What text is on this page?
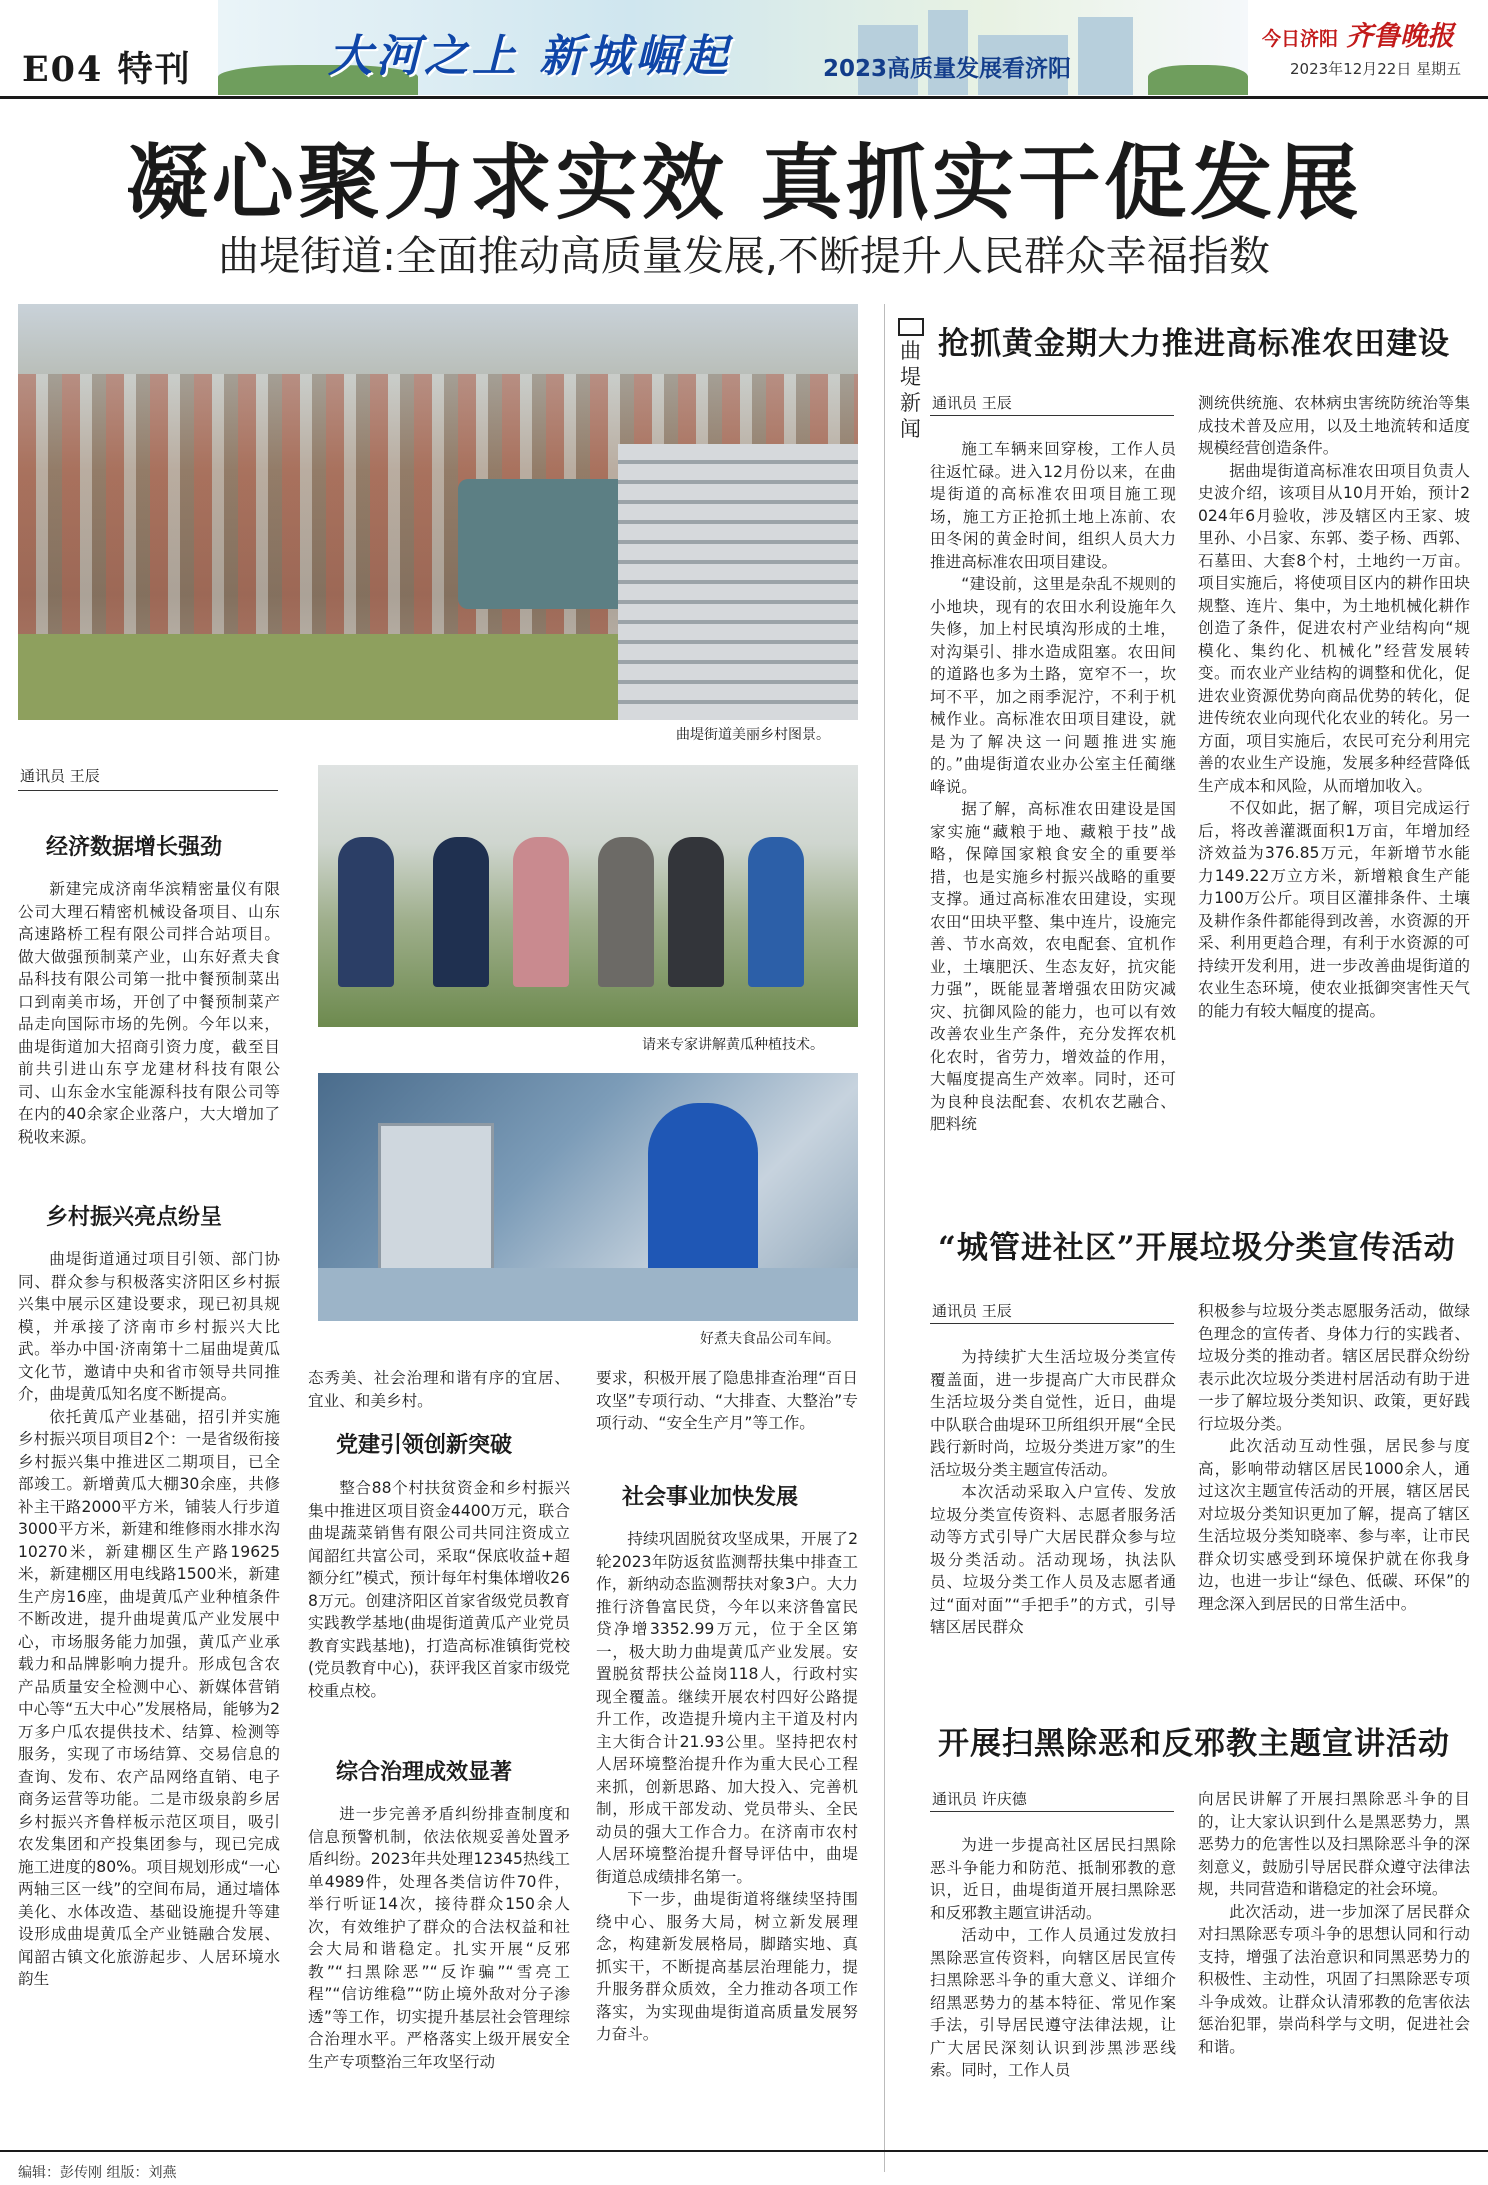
E04 特刊	大河之上 新城崛起	2023高质量发展看济阳
今日济阳 齐鲁晚报
2023年12月22日 星期五
凝心聚力求实效 真抓实干促发展
曲堤街道:全面推动高质量发展,不断提升人民群众幸福指数
曲堤街道美丽乡村图景。
请来专家讲解黄瓜种植技术。
好煮夫食品公司车间。
通讯员 王辰
经济数据增长强劲

新建完成济南华滨精密量仪有限公司大理石精密机械设备项目、山东高速路桥工程有限公司拌合站项目。做大做强预制菜产业，山东好煮夫食品科技有限公司第一批中餐预制菜出口到南美市场，开创了中餐预制菜产品走向国际市场的先例。今年以来，曲堤街道加大招商引资力度，截至目前共引进山东亨龙建材科技有限公司、山东金水宝能源科技有限公司等在内的40余家企业落户，大大增加了税收来源。

乡村振兴亮点纷呈

曲堤街道通过项目引领、部门协同、群众参与积极落实济阳区乡村振兴集中展示区建设要求，现已初具规模，并承接了济南市乡村振兴大比武。举办中国·济南第十二届曲堤黄瓜文化节，邀请中央和省市领导共同推介，曲堤黄瓜知名度不断提高。

依托黄瓜产业基础，招引并实施乡村振兴项目项目2个：一是省级衔接乡村振兴集中推进区二期项目，已全部竣工。新增黄瓜大棚30余座，共修补主干路2000平方米，铺装人行步道3000平方米，新建和维修雨水排水沟10270米，新建棚区生产路19625米，新建棚区用电线路1500米，新建生产房16座，曲堤黄瓜产业种植条件不断改进，提升曲堤黄瓜产业发展中心，市场服务能力加强，黄瓜产业承载力和品牌影响力提升。形成包含农产品质量安全检测中心、新媒体营销中心等“五大中心”发展格局，能够为2万多户瓜农提供技术、结算、检测等服务，实现了市场结算、交易信息的查询、发布、农产品网络直销、电子商务运营等功能。二是市级泉韵乡居乡村振兴齐鲁样板示范区项目，吸引农发集团和产投集团参与，现已完成施工进度的80%。项目规划形成“一心两轴三区一线”的空间布局，通过墙体美化、水体改造、基础设施提升等建设形成曲堤黄瓜全产业链融合发展、闻韶古镇文化旅游起步、人居环境水韵生

态秀美、社会治理和谐有序的宜居、宜业、和美乡村。

党建引领创新突破

整合88个村扶贫资金和乡村振兴集中推进区项目资金4400万元，联合曲堤蔬菜销售有限公司共同注资成立闻韶红共富公司，采取“保底收益+超额分红”模式，预计每年村集体增收268万元。创建济阳区首家省级党员教育实践教学基地(曲堤街道黄瓜产业党员教育实践基地)，打造高标准镇街党校(党员教育中心)，获评我区首家市级党校重点校。

综合治理成效显著

进一步完善矛盾纠纷排查制度和信息预警机制，依法依规妥善处置矛盾纠纷。2023年共处理12345热线工单4989件，处理各类信访件70件，举行听证14次，接待群众150余人次，有效维护了群众的合法权益和社会大局和谐稳定。扎实开展“反邪教”“扫黑除恶”“反诈骗”“雪亮工程”“信访维稳”“防止境外敌对分子渗透”等工作，切实提升基层社会管理综合治理水平。严格落实上级开展安全生产专项整治三年攻坚行动

要求，积极开展了隐患排查治理“百日攻坚”专项行动、“大排查、大整治”专项行动、“安全生产月”等工作。

社会事业加快发展

持续巩固脱贫攻坚成果，开展了2轮2023年防返贫监测帮扶集中排查工作，新纳动态监测帮扶对象3户。大力推行济鲁富民贷，今年以来济鲁富民贷净增3352.99万元，位于全区第一，极大助力曲堤黄瓜产业发展。安置脱贫帮扶公益岗118人，行政村实现全覆盖。继续开展农村四好公路提升工作，改造提升境内主干道及村内主大街合计21.93公里。坚持把农村人居环境整治提升作为重大民心工程来抓，创新思路、加大投入、完善机制，形成干部发动、党员带头、全民动员的强大工作合力。在济南市农村人居环境整治提升督导评估中，曲堤街道总成绩排名第一。

下一步，曲堤街道将继续坚持围绕中心、服务大局，树立新发展理念，构建新发展格局，脚踏实地、真抓实干，不断提高基层治理能力，提升服务群众质效，全力推动各项工作落实，为实现曲堤街道高质量发展努力奋斗。

曲堤新闻
抢抓黄金期大力推进高标准农田建设
通讯员 王辰

施工车辆来回穿梭，工作人员往返忙碌。进入12月份以来，在曲堤街道的高标准农田项目施工现场，施工方正抢抓土地上冻前、农田冬闲的黄金时间，组织人员大力推进高标准农田项目建设。

“建设前，这里是杂乱不规则的小地块，现有的农田水利设施年久失修，加上村民填沟形成的土堆，对沟渠引、排水造成阻塞。农田间的道路也多为土路，宽窄不一，坎坷不平，加之雨季泥泞，不利于机械作业。高标准农田项目建设，就是为了解决这一问题推进实施的。”曲堤街道农业办公室主任蔺继峰说。

据了解，高标准农田建设是国家实施“藏粮于地、藏粮于技”战略，保障国家粮食安全的重要举措，也是实施乡村振兴战略的重要支撑。通过高标准农田建设，实现农田“田块平整、集中连片，设施完善、节水高效，农电配套、宜机作业，土壤肥沃、生态友好，抗灾能力强”，既能显著增强农田防灾减灾、抗御风险的能力，也可以有效改善农业生产条件，充分发挥农机化农时，省劳力，增效益的作用，大幅度提高生产效率。同时，还可为良种良法配套、农机农艺融合、肥料统

测统供统施、农林病虫害统防统治等集成技术普及应用，以及土地流转和适度规模经营创造条件。

据曲堤街道高标准农田项目负责人史波介绍，该项目从10月开始，预计2024年6月验收，涉及辖区内王家、坡里孙、小吕家、东郭、娄子杨、西郭、石墓田、大套8个村，土地约一万亩。项目实施后，将使项目区内的耕作田块规整、连片、集中，为土地机械化耕作创造了条件，促进农村产业结构向“规模化、集约化、机械化”经营发展转变。而农业产业结构的调整和优化，促进农业资源优势向商品优势的转化，促进传统农业向现代化农业的转化。另一方面，项目实施后，农民可充分利用完善的农业生产设施，发展多种经营降低生产成本和风险，从而增加收入。

不仅如此，据了解，项目完成运行后，将改善灌溉面积1万亩，年增加经济效益为376.85万元，年新增节水能力149.22万立方米，新增粮食生产能力100万公斤。项目区灌排条件、土壤及耕作条件都能得到改善，水资源的开采、利用更趋合理，有利于水资源的可持续开发利用，进一步改善曲堤街道的农业生态环境，使农业抵御突害性天气的能力有较大幅度的提高。

“城管进社区”开展垃圾分类宣传活动
通讯员 王辰

为持续扩大生活垃圾分类宣传覆盖面，进一步提高广大市民群众生活垃圾分类自觉性，近日，曲堤中队联合曲堤环卫所组织开展“全民践行新时尚，垃圾分类进万家”的生活垃圾分类主题宣传活动。

本次活动采取入户宣传、发放垃圾分类宣传资料、志愿者服务活动等方式引导广大居民群众参与垃圾分类活动。活动现场，执法队员、垃圾分类工作人员及志愿者通过“面对面”“手把手”的方式，引导辖区居民群众

积极参与垃圾分类志愿服务活动，做绿色理念的宣传者、身体力行的实践者、垃圾分类的推动者。辖区居民群众纷纷表示此次垃圾分类进村居活动有助于进一步了解垃圾分类知识、政策，更好践行垃圾分类。

此次活动互动性强，居民参与度高，影响带动辖区居民1000余人，通过这次主题宣传活动的开展，辖区居民对垃圾分类知识更加了解，提高了辖区生活垃圾分类知晓率、参与率，让市民群众切实感受到环境保护就在你我身边，也进一步让“绿色、低碳、环保”的理念深入到居民的日常生活中。

开展扫黑除恶和反邪教主题宣讲活动
通讯员 许庆德

为进一步提高社区居民扫黑除恶斗争能力和防范、抵制邪教的意识，近日，曲堤街道开展扫黑除恶和反邪教主题宣讲活动。

活动中，工作人员通过发放扫黑除恶宣传资料，向辖区居民宣传扫黑除恶斗争的重大意义、详细介绍黑恶势力的基本特征、常见作案手法，引导居民遵守法律法规，让广大居民深刻认识到涉黑涉恶线索。同时，工作人员

向居民讲解了开展扫黑除恶斗争的目的，让大家认识到什么是黑恶势力，黑恶势力的危害性以及扫黑除恶斗争的深刻意义，鼓励引导居民群众遵守法律法规，共同营造和谐稳定的社会环境。

此次活动，进一步加深了居民群众对扫黑除恶专项斗争的思想认同和行动支持，增强了法治意识和同黑恶势力的积极性、主动性，巩固了扫黑除恶专项斗争成效。让群众认清邪教的危害依法惩治犯罪，崇尚科学与文明，促进社会和谐。

编辑：彭传刚 组版：刘燕
